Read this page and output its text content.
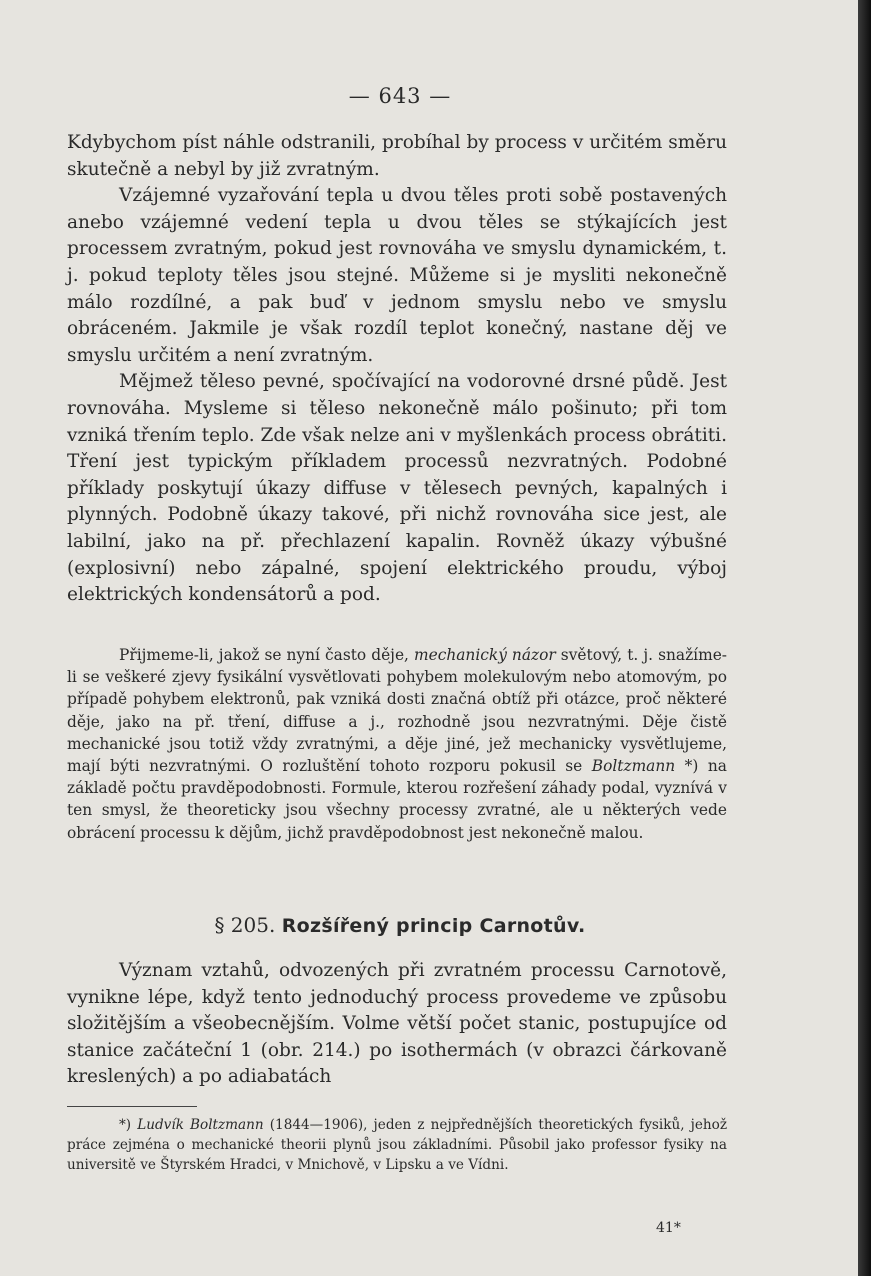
— 643 —

Kdybychom píst náhle odstranili, probíhal by process v určitém směru skutečně a nebyl by již zvratným.

Vzájemné vyzařování tepla u dvou těles proti sobě postavených anebo vzájemné vedení tepla u dvou těles se stýkajících jest processem zvratným, pokud jest rovnováha ve smyslu dynamickém, t. j. pokud teploty těles jsou stejné. Můžeme si je mysliti nekonečně málo rozdílné, a pak buď v jednom smyslu nebo ve smyslu obráceném. Jakmile je však rozdíl teplot konečný, nastane děj ve smyslu určitém a není zvratným.

Mějmež těleso pevné, spočívající na vodorovné drsné půdě. Jest rovnováha. Mysleme si těleso nekonečně málo pošinuto; při tom vzniká třením teplo. Zde však nelze ani v myšlenkách process obrátiti. Tření jest typickým příkladem processů nezvratných. Podobné příklady poskytují úkazy diffuse v tělesech pevných, kapalných i plynných. Podobně úkazy takové, při nichž rovnováha sice jest, ale labilní, jako na př. přechlazení kapalin. Rovněž úkazy výbušné (explosivní) nebo zápalné, spojení elektrického proudu, výboj elektrických kondensátorů a pod.

Přijmeme-li, jakož se nyní často děje, mechanický názor světový, t. j. snažíme-li se veškeré zjevy fysikální vysvětlovati pohybem molekulovým nebo atomovým, po případě pohybem elektronů, pak vzniká dosti značná obtíž při otázce, proč některé děje, jako na př. tření, diffuse a j., rozhodně jsou nezvratnými. Děje čistě mechanické jsou totiž vždy zvratnými, a děje jiné, jež mechanicky vysvětlujeme, mají býti nezvratnými. O rozluštění tohoto rozporu pokusil se Boltzmann *) na základě počtu pravděpodobnosti. Formule, kterou rozřešení záhady podal, vyznívá v ten smysl, že theoreticky jsou všechny processy zvratné, ale u některých vede obrácení processu k dějům, jichž pravděpodobnost jest nekonečně malou.

§ 205. Rozšířený princip Carnotův.

Význam vztahů, odvozených při zvratném processu Carnotově, vynikne lépe, když tento jednoduchý process provedeme ve způsobu složitějším a všeobecnějším. Volme větší počet stanic, postupujíce od stanice začáteční 1 (obr. 214.) po isothermách (v obrazci čárkovaně kreslených) a po adiabatách

*) Ludvík Boltzmann (1844—1906), jeden z nejpřednějších theoretických fysiků, jehož práce zejména o mechanické theorii plynů jsou základními. Působil jako professor fysiky na universitě ve Štyrském Hradci, v Mnichově, v Lipsku a ve Vídni.

41*
